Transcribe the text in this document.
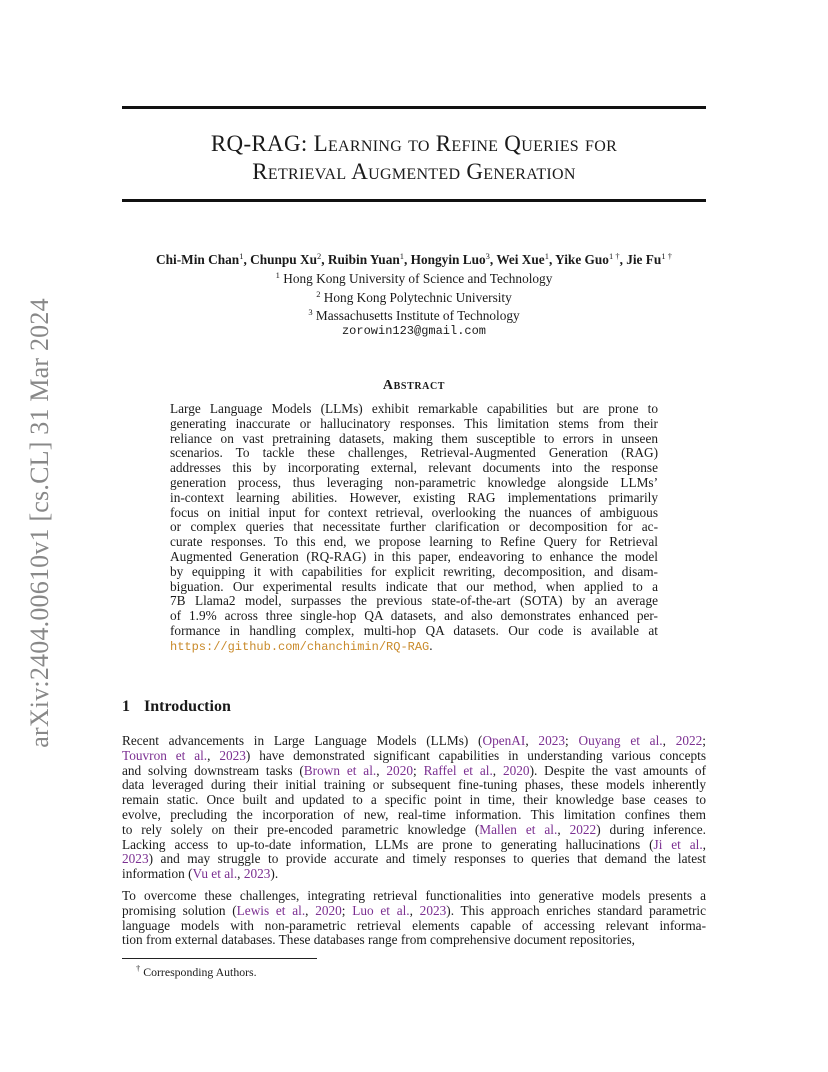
arXiv:2404.00610v1 [cs.CL] 31 Mar 2024
RQ-RAG: Learning to Refine Queries for
Retrieval Augmented Generation
Chi-Min Chan$^1$, Chunpu Xu$^2$, Ruibin Yuan$^1$, Hongyin Luo$^3$, Wei Xue$^1$, Yike Guo$^{1 \dagger}$, Jie $Fu^{1 \dagger}$
$^1$ Hong Kong University of Science and Technology
$^2$ Hong Kong Polytechnic University
$^3$ Massachusetts Institute of Technology
zorowin123@gmail.com
Abstract
Large Language Models (LLMs) exhibit remarkable capabilities but are prone to
generating inaccurate or hallucinatory responses. This limitation stems from their
reliance on vast pretraining datasets, making them susceptible to errors in unseen
scenarios. To tackle these challenges, Retrieval-Augmented Generation (RAG)
addresses this by incorporating external, relevant documents into the response
generation process, thus leveraging non-parametric knowledge alongside LLMs’
in-context learning abilities. However, existing RAG implementations primarily
focus on initial input for context retrieval, overlooking the nuances of ambiguous
or complex queries that necessitate further clarification or decomposition for ac-
curate responses. To this end, we propose learning to Refine Query for Retrieval
Augmented Generation (RQ-RAG) in this paper, endeavoring to enhance the model
by equipping it with capabilities for explicit rewriting, decomposition, and disam-
biguation. Our experimental results indicate that our method, when applied to a
7B Llama2 model, surpasses the previous state-of-the-art (SOTA) by an average
of 1.9% across three single-hop QA datasets, and also demonstrates enhanced per-
formance in handling complex, multi-hop QA datasets. Our code is available at
https://github.com/chanchimin/RQ-RAG.
1 Introduction
Recent advancements in Large Language Models (LLMs) (OpenAI, 2023; Ouyang et al., 2022;
Touvron et al., 2023) have demonstrated significant capabilities in understanding various concepts
and solving downstream tasks (Brown et al., 2020; Raffel et al., 2020). Despite the vast amounts of
data leveraged during their initial training or subsequent fine-tuning phases, these models inherently
remain static. Once built and updated to a specific point in time, their knowledge base ceases to
evolve, precluding the incorporation of new, real-time information. This limitation confines them
to rely solely on their pre-encoded parametric knowledge (Mallen et al., 2022) during inference.
Lacking access to up-to-date information, LLMs are prone to generating hallucinations (Ji et al.,
2023) and may struggle to provide accurate and timely responses to queries that demand the latest
information (Vu et al., 2023).
To overcome these challenges, integrating retrieval functionalities into generative models presents a
promising solution (Lewis et al., 2020; Luo et al., 2023). This approach enriches standard parametric
language models with non-parametric retrieval elements capable of accessing relevant informa-
tion from external databases. These databases range from comprehensive document repositories,
† Corresponding Authors.
